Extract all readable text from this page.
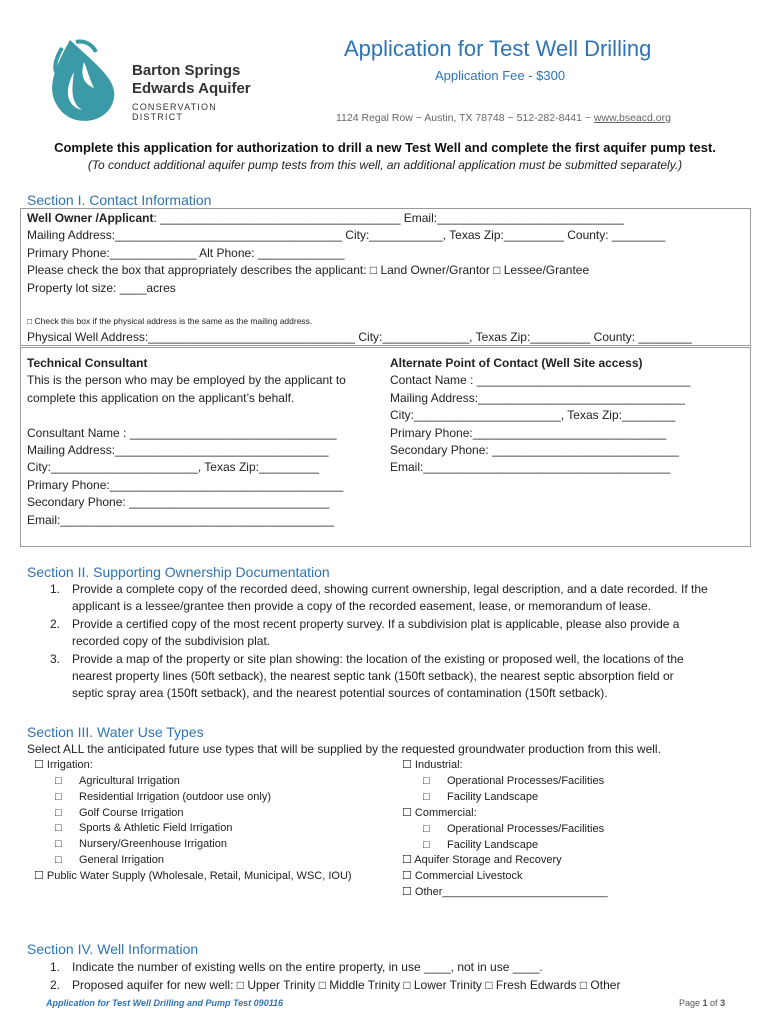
Barton Springs
Edwards Aquifer
CONSERVATION DISTRICT
Application for Test Well Drilling
Application Fee - $300
1124 Regal Row ~ Austin, TX 78748 ~ 512-282-8441 ~ www.bseacd.org
Complete this application for authorization to drill a new Test Well and complete the first aquifer pump test.
(To conduct additional aquifer pump tests from this well, an additional application must be submitted separately.)
Section I. Contact Information
Well Owner /Applicant: ____________________________________ Email:____________________________
Mailing Address:__________________________________ City:___________, Texas Zip:_________ County: ________
Primary Phone:_____________ Alt Phone: _____________
Please check the box that appropriately describes the applicant: □ Land Owner/Grantor □ Lessee/Grantee
Property lot size: ____acres
□ Check this box if the physical address is the same as the mailing address.
Physical Well Address:_______________________________ City:_____________, Texas Zip:_________ County: ________
Technical Consultant
This is the person who may be employed by the applicant to
complete this application on the applicant’s behalf.
Consultant Name : _______________________________
Mailing Address:________________________________
City:______________________, Texas Zip:_________
Primary Phone:___________________________________
Secondary Phone: ______________________________
Email:_________________________________________
Alternate Point of Contact (Well Site access)
Contact Name : ________________________________
Mailing Address:_______________________________
City:______________________, Texas Zip:________
Primary Phone:_____________________________
Secondary Phone: ____________________________
Email:_____________________________________
Section II. Supporting Ownership Documentation
1. Provide a complete copy of the recorded deed, showing current ownership, legal description, and a date recorded. If the
applicant is a lessee/grantee then provide a copy of the recorded easement, lease, or memorandum of lease.
2. Provide a certified copy of the most recent property survey. If a subdivision plat is applicable, please also provide a
recorded copy of the subdivision plat.
3. Provide a map of the property or site plan showing: the location of the existing or proposed well, the locations of the
nearest property lines (50ft setback), the nearest septic tank (150ft setback), the nearest septic absorption field or
septic spray area (150ft setback), and the nearest potential sources of contamination (150ft setback).
Section III. Water Use Types
Select ALL the anticipated future use types that will be supplied by the requested groundwater production from this well.
☐ Irrigation:
□ Agricultural Irrigation
□ Residential Irrigation (outdoor use only)
□ Golf Course Irrigation
□ Sports & Athletic Field Irrigation
□ Nursery/Greenhouse Irrigation
□ General Irrigation
☐ Public Water Supply (Wholesale, Retail, Municipal, WSC, IOU)
☐ Industrial:
□ Operational Processes/Facilities
□ Facility Landscape
☐ Commercial:
□ Operational Processes/Facilities
□ Facility Landscape
☐ Aquifer Storage and Recovery
☐ Commercial Livestock
☐ Other___________________________
Section IV. Well Information
1. Indicate the number of existing wells on the entire property, in use ____, not in use ____.
2. Proposed aquifer for new well: □ Upper Trinity □ Middle Trinity □ Lower Trinity □ Fresh Edwards □ Other
Application for Test Well Drilling and Pump Test 090116	Page 1 of 3
